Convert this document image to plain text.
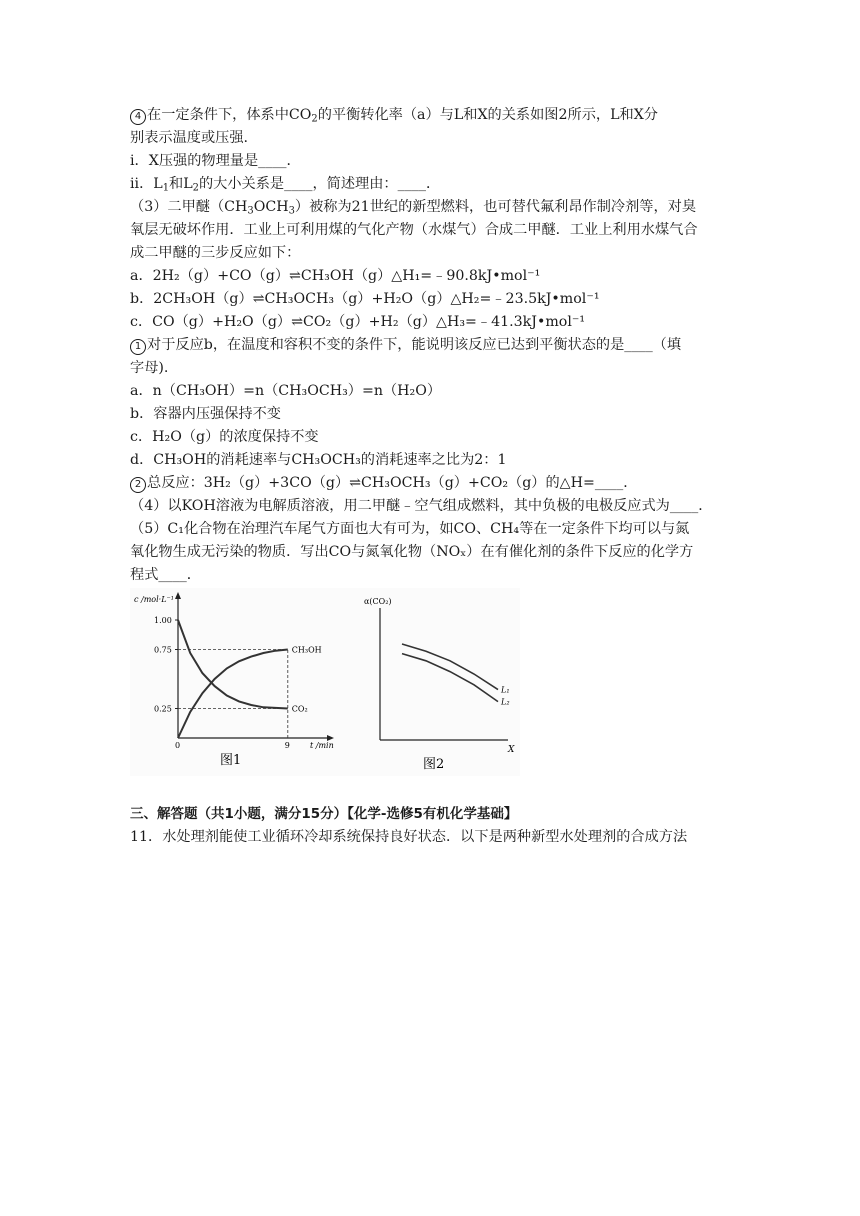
4 在一定条件下，体系中$CO_2$的平衡转化率（a）与L和X的关系如图2所示，L和X分
别表示温度或压强.
i．X压强的物理量是____．
ii．$L_1$和$L_2$的大小关系是____，简述理由：____．
（3）二甲醚$(CH_3OCH_3)$被称为21世纪的新型燃料，也可替代氟利昂作制冷剂等，对臭
氧层无破坏作用．工业上可利用煤的气化产物（水煤气）合成二甲醚．工业上利用水煤气合
成二甲醚的三步反应如下：
a．2H₂（g）+CO（g）⇌CH₃OH（g）△H₁=﹣90.8kJ•mol⁻¹
b．2CH₃OH（g）⇌CH₃OCH₃（g）+H₂O（g）△H₂=﹣23.5kJ•mol⁻¹
c．CO（g）+H₂O（g）⇌CO₂（g）+H₂（g）△H₃=﹣41.3kJ•mol⁻¹
1 对于反应b，在温度和容积不变的条件下，能说明该反应已达到平衡状态的是____（填
字母).
a．n（CH₃OH）=n（CH₃OCH₃）=n（H₂O）
b．容器内压强保持不变
c．H₂O（g）的浓度保持不变
d．CH₃OH的消耗速率与CH₃OCH₃的消耗速率之比为2：1
2 总反应：3H₂（g）+3CO（g）⇌CH₃OCH₃（g）+CO₂（g）的△H=____．
（4）以KOH溶液为电解质溶液，用二甲醚﹣空气组成燃料，其中负极的电极反应式为____．
（5）C₁化合物在治理汽车尾气方面也大有可为，如CO、CH₄等在一定条件下均可以与氮
氧化物生成无污染的物质．写出CO与氮氧化物（NOₓ）在有催化剂的条件下反应的化学方
程式____．
c /mol·L⁻¹
t /min
1.00
0.75
0.25
0	9
CH₃OH
CO₂
图1
α(CO₂)
X
L₁
L₂
图2
三、解答题（共1小题，满分15分）【化学-选修5有机化学基础】
11．水处理剂能使工业循环冷却系统保持良好状态．以下是两种新型水处理剂的合成方法
